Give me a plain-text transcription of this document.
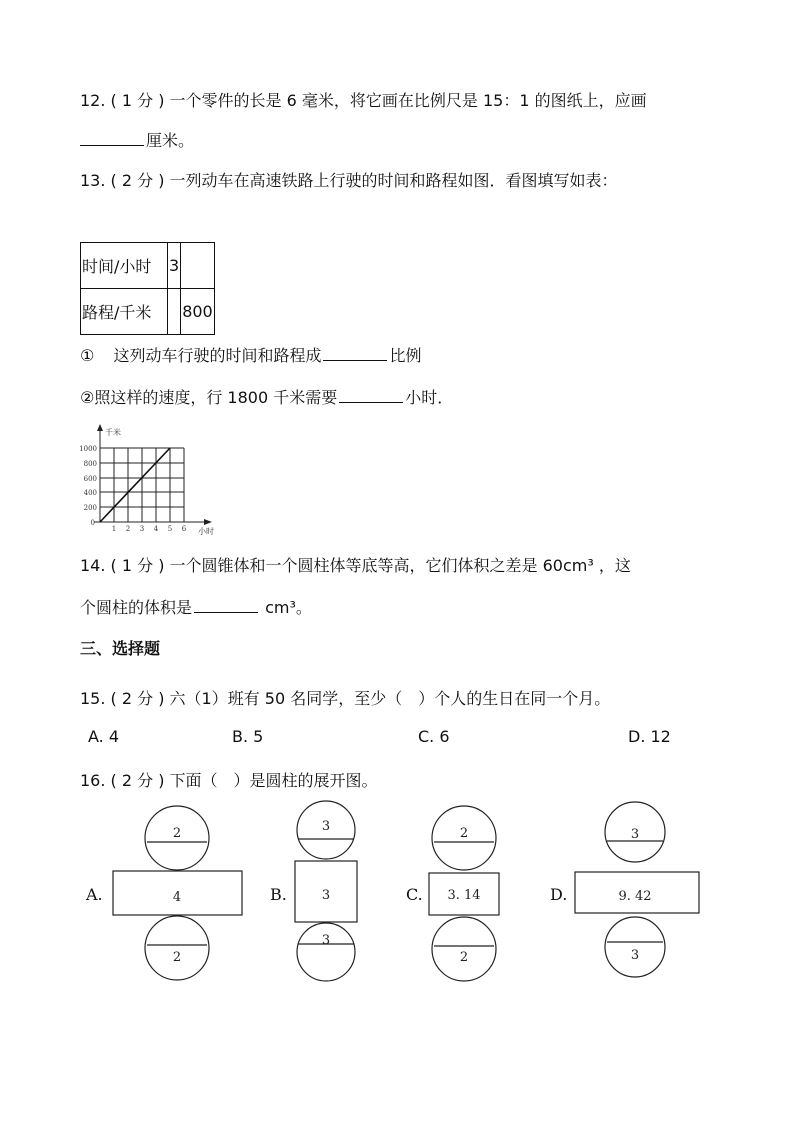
12. ( 1 分 ) 一个零件的长是 6 毫米，将它画在比例尺是 15：1 的图纸上，应画
厘米。
13. ( 2 分 ) 一列动车在高速铁路上行驶的时间和路程如图．看图填写如表：
时间/小时	3	
路程/千米		800
① 这列动车行驶的时间和路程成	比例
②照这样的速度，行 1800 千米需要	小时．
千米
小时
1000
800
600
400
200
0
1 2 3 4 5 6
14. ( 1 分 ) 一个圆锥体和一个圆柱体等底等高，它们体积之差是 60cm³ ，这
个圆柱的体积是	cm³。
三、选择题
15. ( 2 分 ) 六（1）班有 50 名同学，至少（　）个人的生日在同一个月。
A. 4	B. 5	C. 6	D. 12
16. ( 2 分 ) 下面（　）是圆柱的展开图。
2
4
2
3
3
3
2
3. 14
2
3
9. 42
3
A.	B.	C.	D.
